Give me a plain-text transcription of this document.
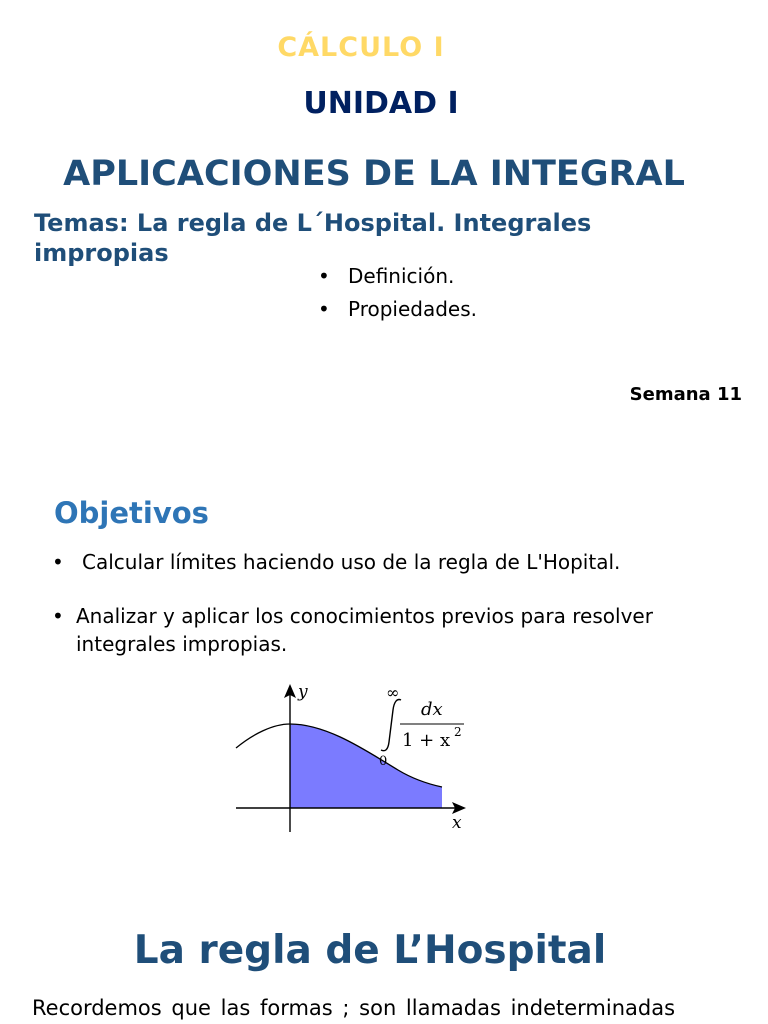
CÁLCULO I
UNIDAD I
APLICACIONES DE LA INTEGRAL
Temas: La regla de L´Hospital. Integrales impropias
• Definición.
• Propiedades.
Semana 11
Objetivos
• Calcular límites haciendo uso de la regla de L'Hopital.
• Analizar y aplicar los conocimientos previos para resolver integrales impropias.
y
x
∞
0
dx
1 + x 2
La regla de L’Hospital

Recordemos que las formas ; son llamadas indeterminadas
